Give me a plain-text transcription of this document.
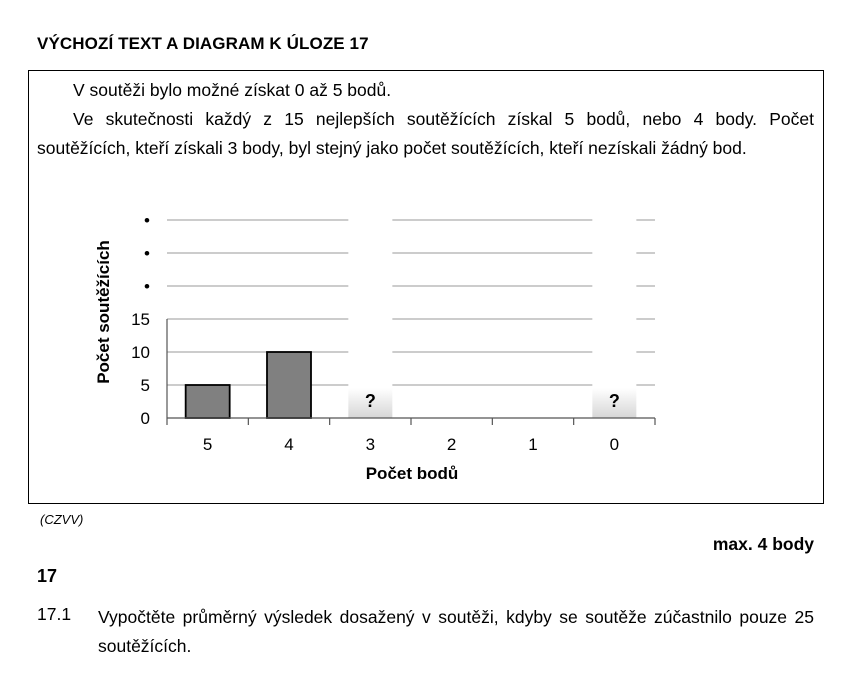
VÝCHOZÍ TEXT A DIAGRAM K ÚLOZE 17
V soutěži bylo možné získat 0 až 5 bodů.
Ve skutečnosti každý z 15 nejlepších soutěžících získal 5 bodů, nebo 4 body. Počet soutěžících, kteří získali 3 body, byl stejný jako počet soutěžících, kteří nezískali žádný bod.
0
5
10
15
•
•
•
5	4	3
?
2	1	0
?
Počet soutěžících
Počet bodů
(CZVV)
max. 4 body
17
17.1 Vypočtěte průměrný výsledek dosažený v soutěži, kdyby se soutěže zúčastnilo pouze 25 soutěžících.
